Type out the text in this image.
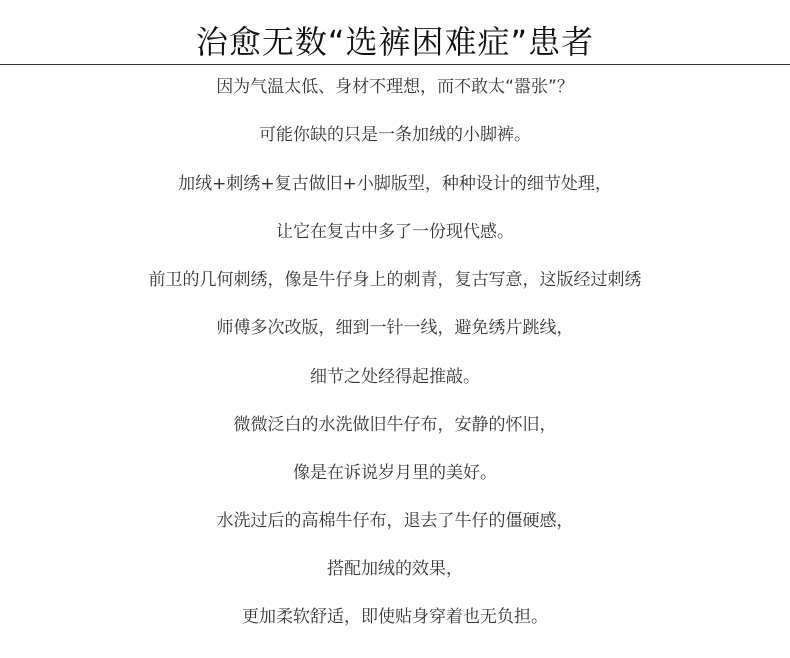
治愈无数“选裤困难症”患者
因为气温太低、身材不理想，而不敢太“嚣张”？
可能你缺的只是一条加绒的小脚裤。
加绒+刺绣+复古做旧+小脚版型，种种设计的细节处理，
让它在复古中多了一份现代感。
前卫的几何刺绣，像是牛仔身上的刺青，复古写意，这版经过刺绣
师傅多次改版，细到一针一线，避免绣片跳线，
细节之处经得起推敲。
微微泛白的水洗做旧牛仔布，安静的怀旧，
像是在诉说岁月里的美好。
水洗过后的高棉牛仔布，退去了牛仔的僵硬感，
搭配加绒的效果，
更加柔软舒适，即使贴身穿着也无负担。
